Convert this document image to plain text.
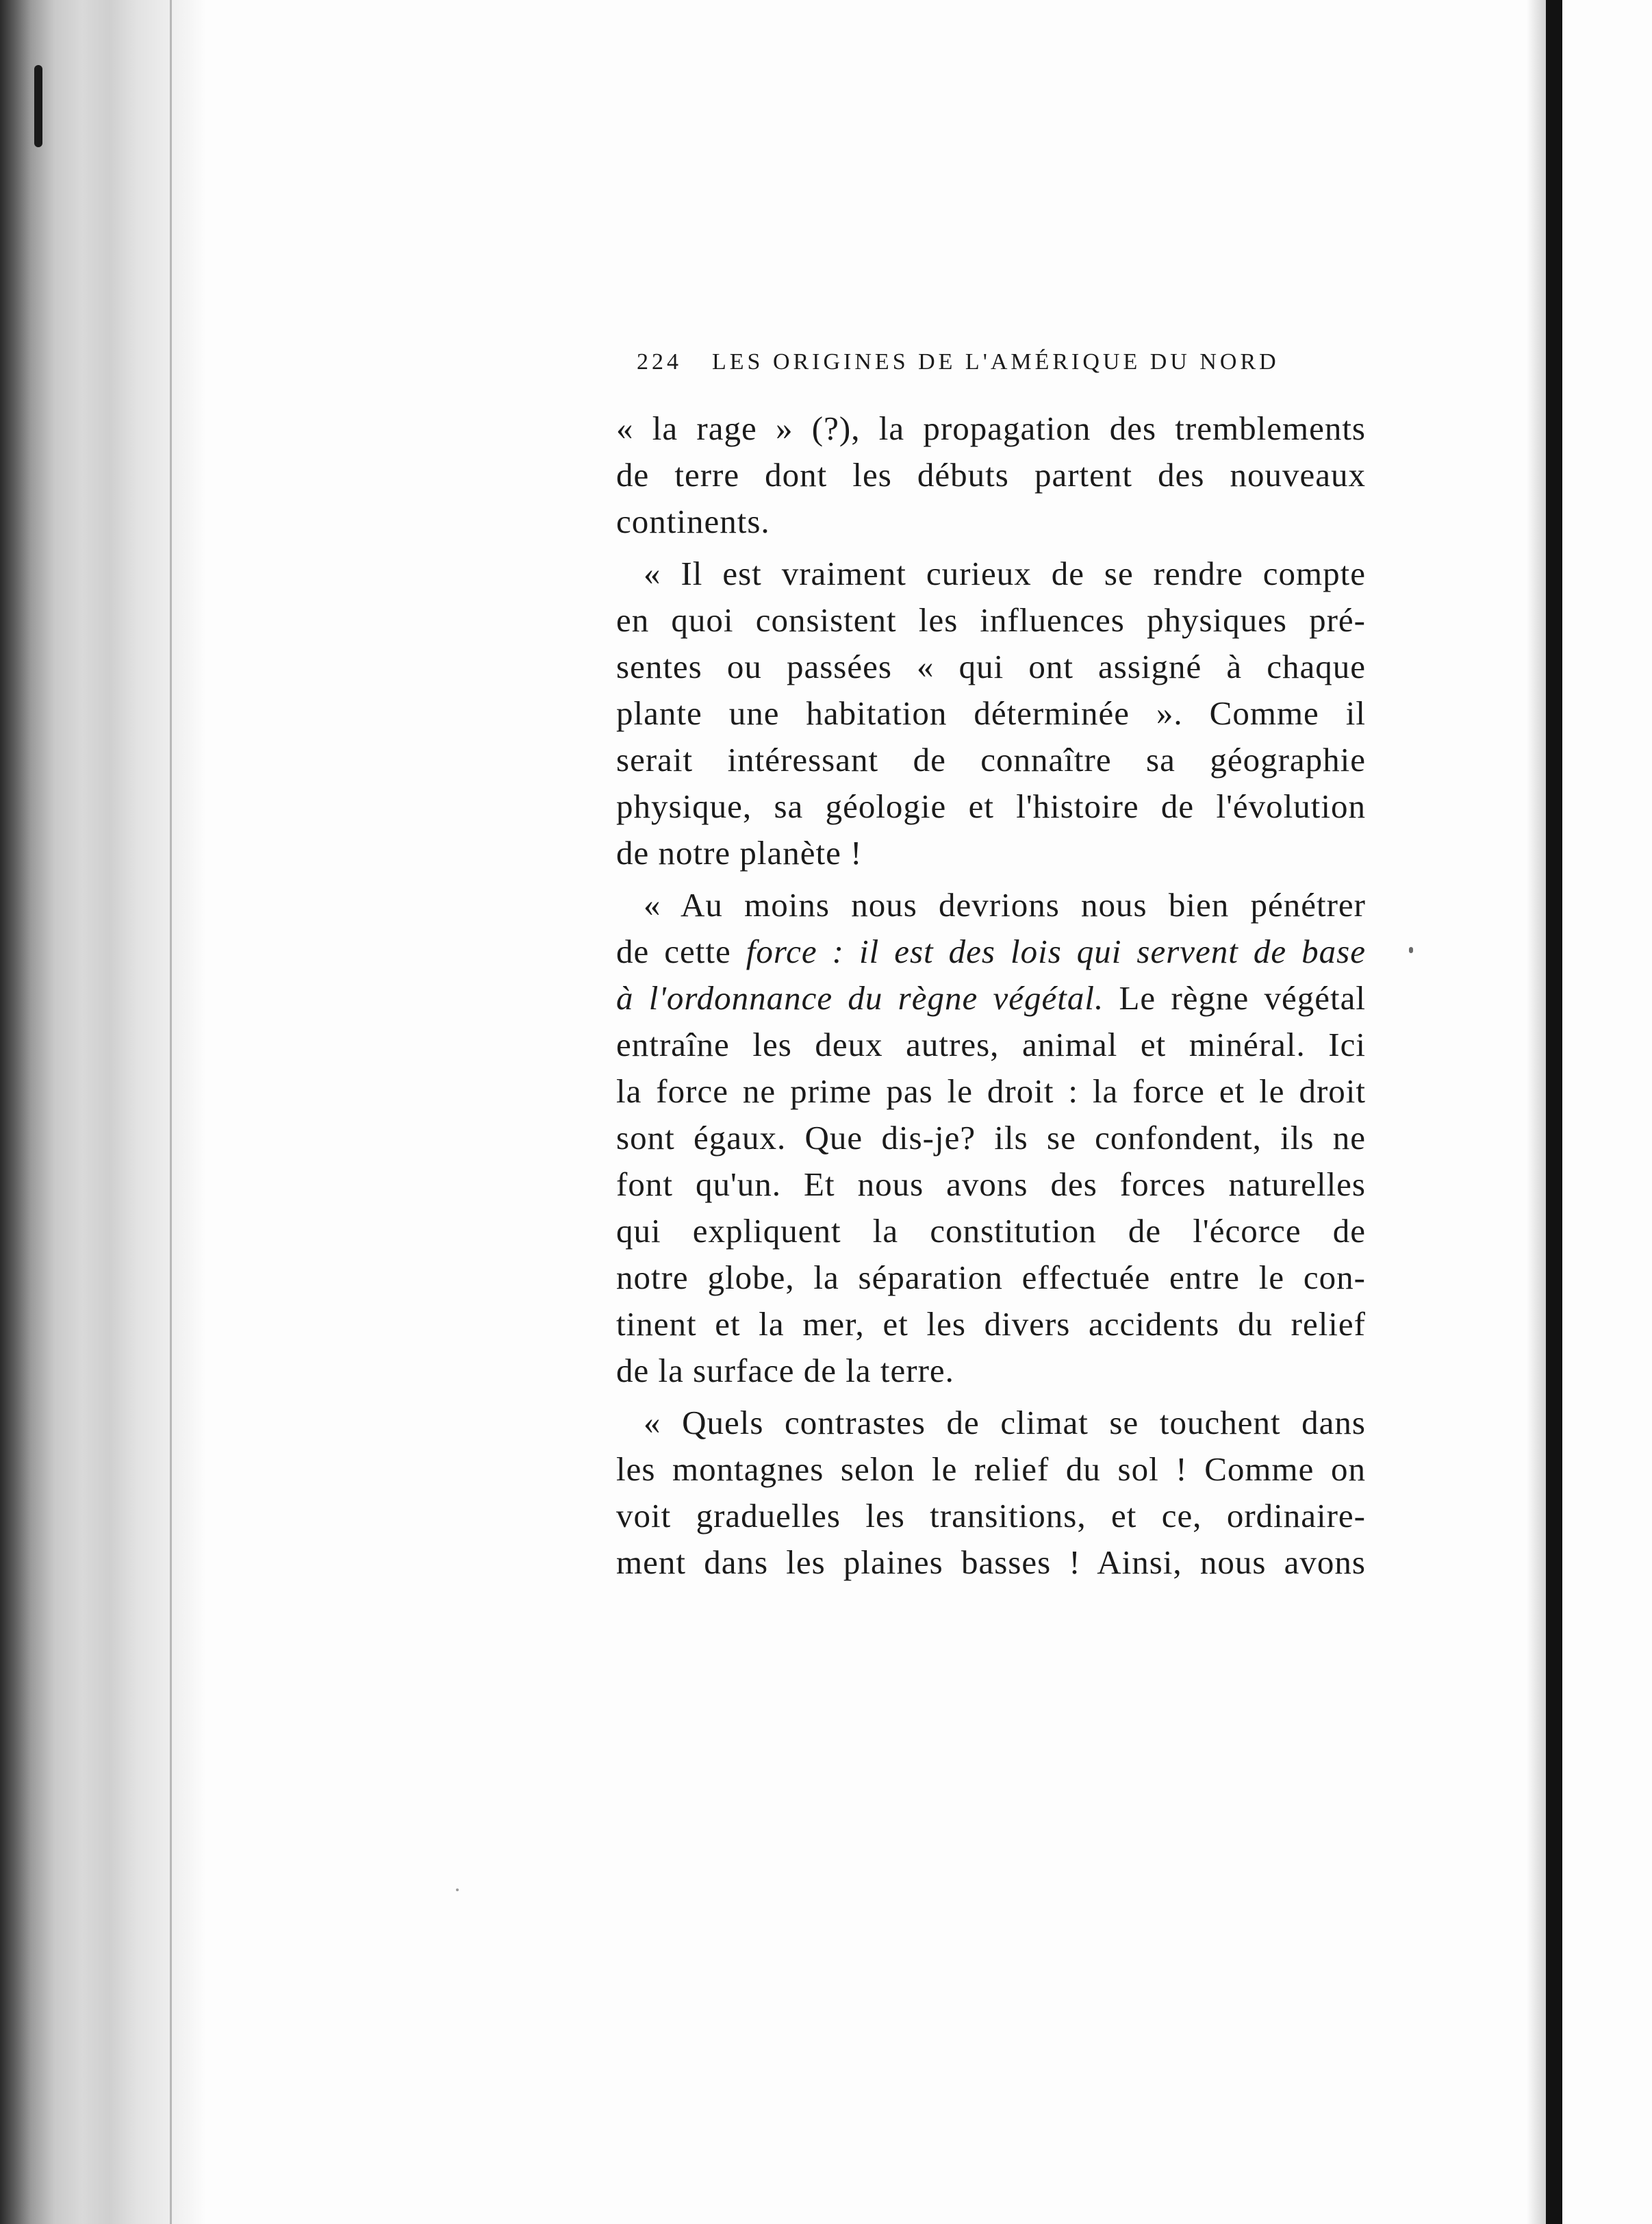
224	LES ORIGINES DE L'AMÉRIQUE DU NORD
« la rage » (?), la propagation des tremblements
de terre dont les débuts partent des nouveaux
continents.
« Il est vraiment curieux de se rendre compte
en quoi consistent les influences physiques pré-
sentes ou passées « qui ont assigné à chaque
plante une habitation déterminée ». Comme il
serait intéressant de connaître sa géographie
physique, sa géologie et l'histoire de l'évolution
de notre planète !
« Au moins nous devrions nous bien pénétrer
de cette force : il est des lois qui servent de base
à l'ordonnance du règne végétal. Le règne végétal
entraîne les deux autres, animal et minéral. Ici
la force ne prime pas le droit : la force et le droit
sont égaux. Que dis-je? ils se confondent, ils ne
font qu'un. Et nous avons des forces naturelles
qui expliquent la constitution de l'écorce de
notre globe, la séparation effectuée entre le con-
tinent et la mer, et les divers accidents du relief
de la surface de la terre.
« Quels contrastes de climat se touchent dans
les montagnes selon le relief du sol ! Comme on
voit graduelles les transitions, et ce, ordinaire-
ment dans les plaines basses ! Ainsi, nous avons
